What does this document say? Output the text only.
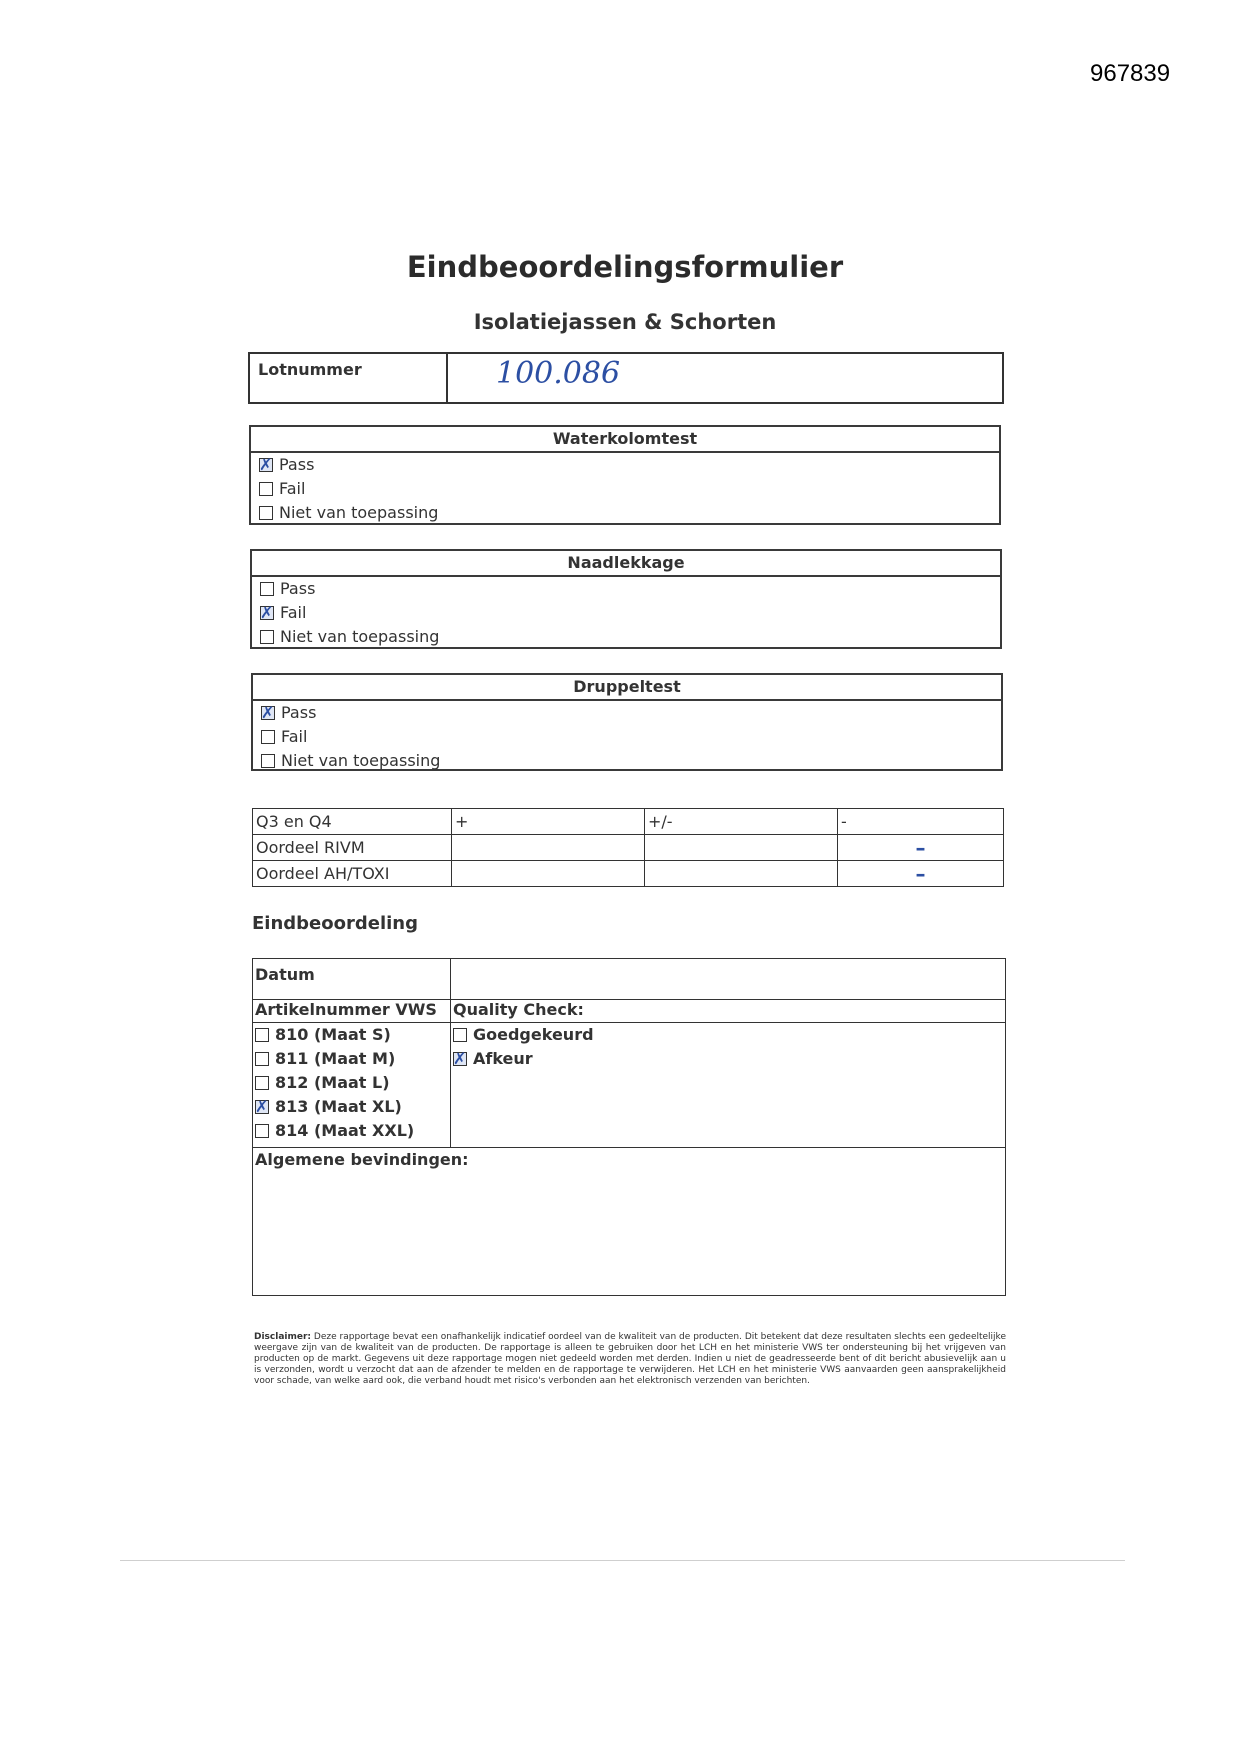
967839
Eindbeoordelingsformulier
Isolatiejassen & Schorten
Lotnummer	100.086
Waterkolomtest
✗
Pass
Fail
Niet van toepassing
Naadlekkage
Pass
✗
Fail
Niet van toepassing
Druppeltest
✗
Pass
Fail
Niet van toepassing
Q3 en Q4	+	+/-	-
Oordeel RIVM			–
Oordeel AH/TOXI			–
Eindbeoordeling
Datum
Artikelnummer VWS	Quality Check:
810 (Maat S)
811 (Maat M)
812 (Maat L)
✗
813 (Maat XL)
814 (Maat XXL)
Goedgekeurd
✗
Afkeur
Algemene bevindingen:
Disclaimer: Deze rapportage bevat een onafhankelijk indicatief oordeel van de kwaliteit van de producten. Dit betekent dat deze resultaten slechts een gedeeltelijke weergave zijn van de kwaliteit van de producten. De rapportage is alleen te gebruiken door het LCH en het ministerie VWS ter ondersteuning bij het vrijgeven van producten op de markt. Gegevens uit deze rapportage mogen niet gedeeld worden met derden. Indien u niet de geadresseerde bent of dit bericht abusievelijk aan u is verzonden, wordt u verzocht dat aan de afzender te melden en de rapportage te verwijderen. Het LCH en het ministerie VWS aanvaarden geen aansprakelijkheid voor schade, van welke aard ook, die verband houdt met risico's verbonden aan het elektronisch verzenden van berichten.
